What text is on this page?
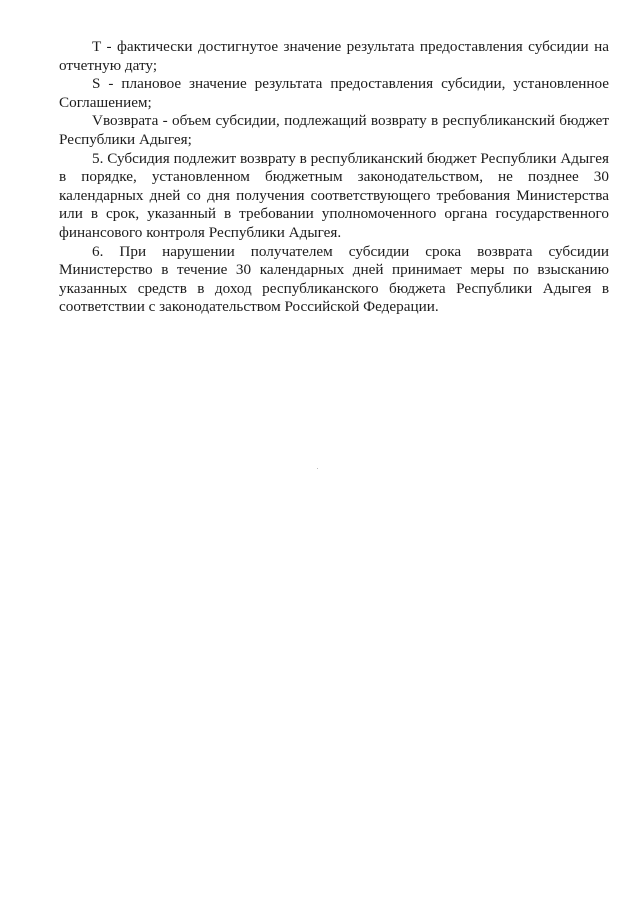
T - фактически достигнутое значение результата предоставления субсидии на отчетную дату;

S - плановое значение результата предоставления субсидии, установленное Соглашением;

Vвозврата - объем субсидии, подлежащий возврату в республиканский бюджет Республики Адыгея;

5. Субсидия подлежит возврату в республиканский бюджет Республики Адыгея в порядке, установленном бюджетным законодательством, не позднее 30 календарных дней со дня получения соответствующего требования Министерства или в срок, указанный в требовании уполномоченного органа государственного финансового контроля Республики Адыгея.

6. При нарушении получателем субсидии срока возврата субсидии Министерство в течение 30 календарных дней принимает меры по взысканию указанных средств в доход республиканского бюджета Республики Адыгея в соответствии с законодательством Российской Федерации.
